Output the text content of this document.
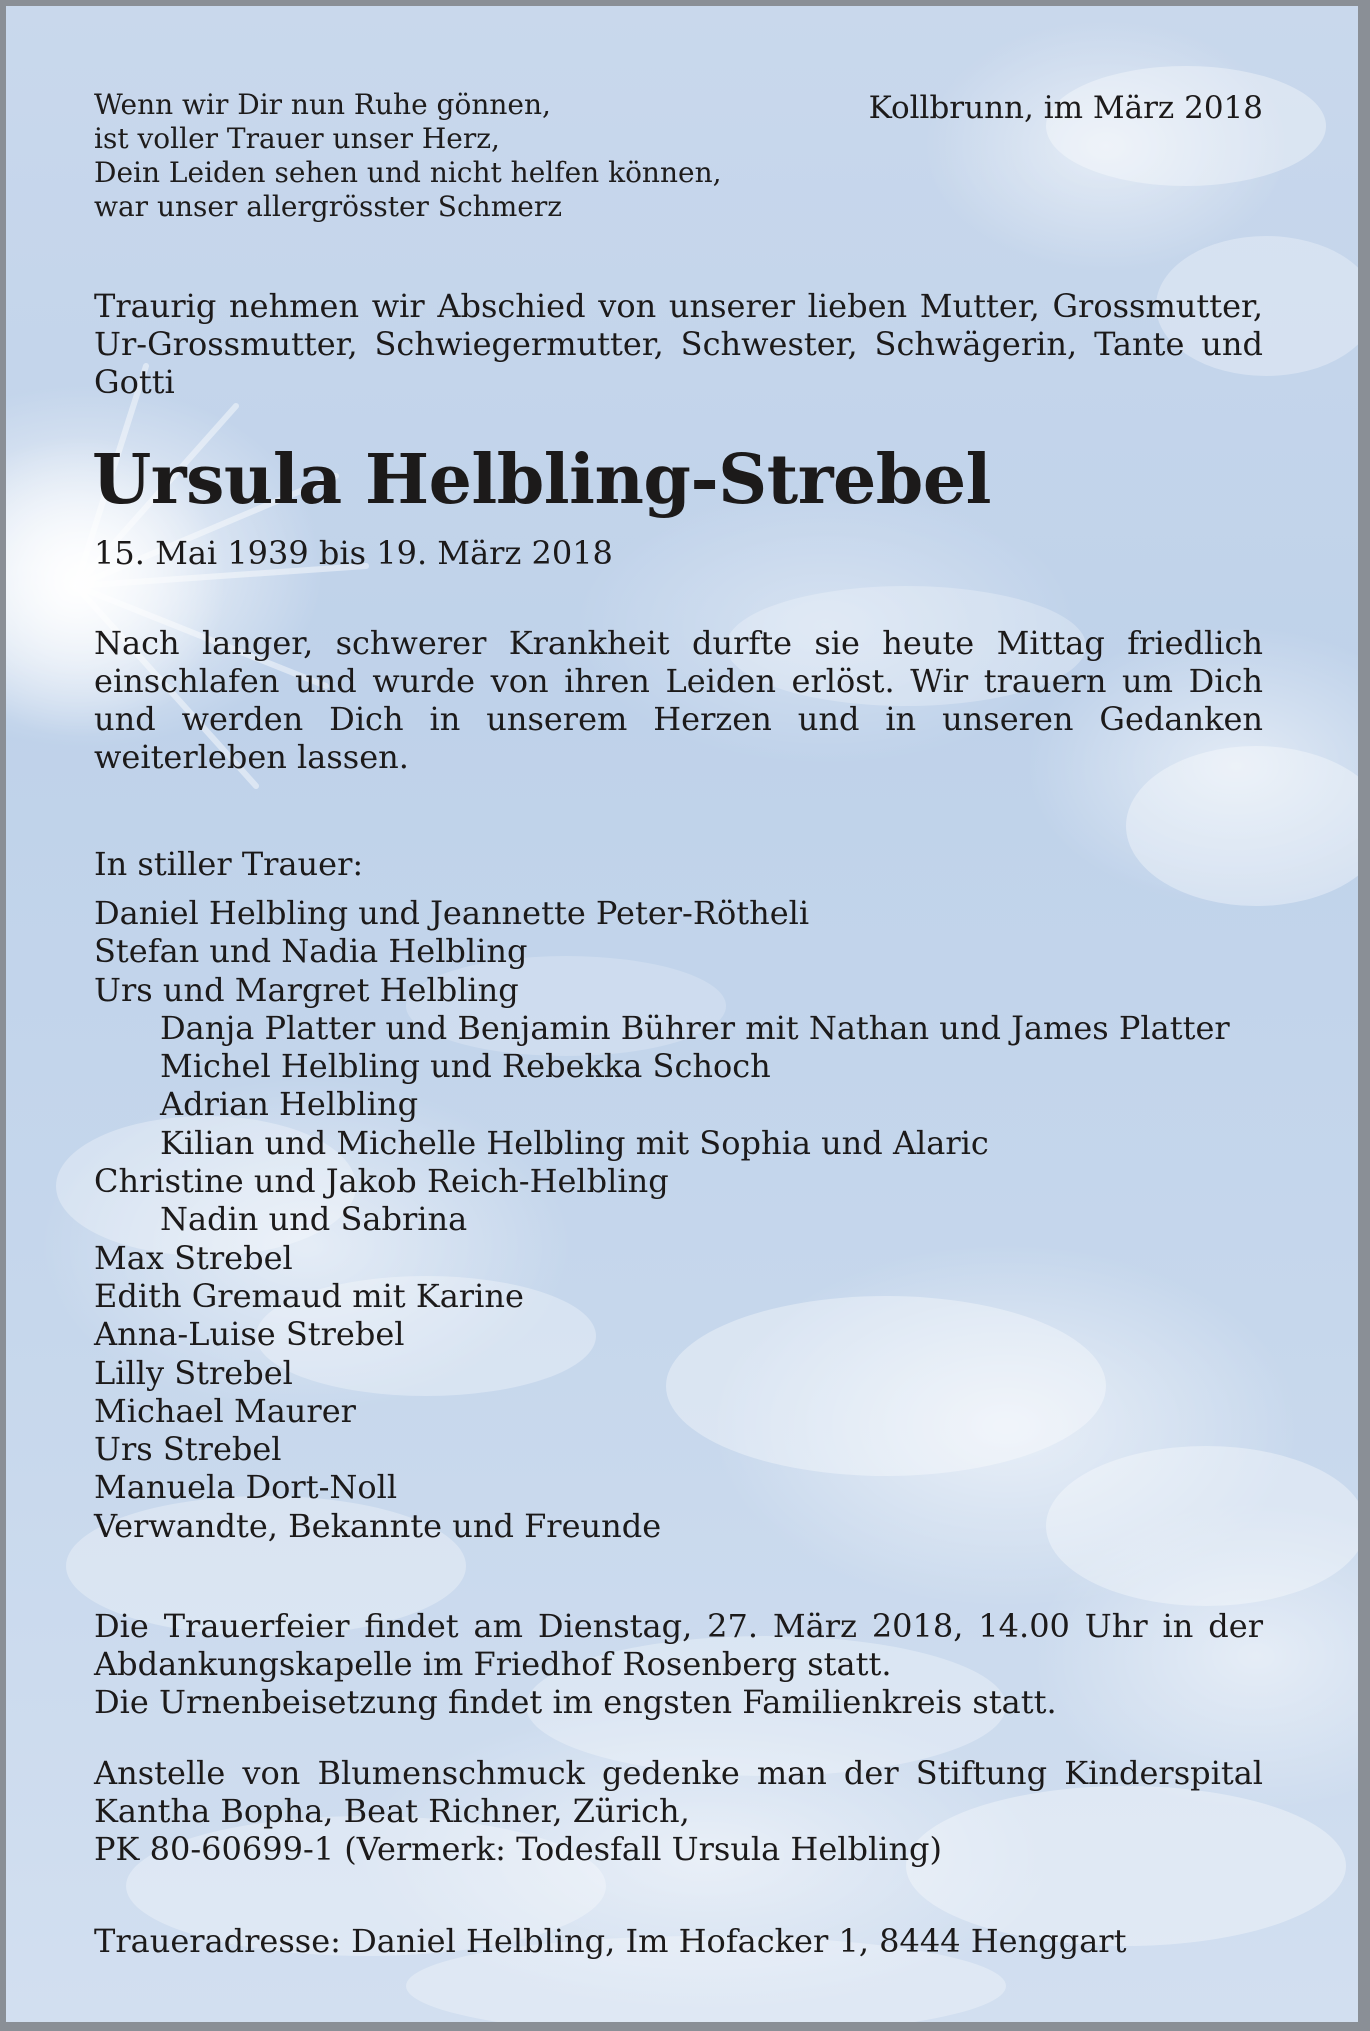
Wenn wir Dir nun Ruhe gönnen,
ist voller Trauer unser Herz,
Dein Leiden sehen und nicht helfen können,
war unser allergrösster Schmerz
Kollbrunn, im März 2018
Traurig nehmen wir Abschied von unserer lieben Mutter, Grossmutter, Ur-Grossmutter, Schwiegermutter, Schwester, Schwägerin, Tante und Gotti
Ursula Helbling-Strebel
15. Mai 1939 bis 19. März 2018
Nach langer, schwerer Krankheit durfte sie heute Mittag friedlich einschlafen und wurde von ihren Leiden erlöst. Wir trauern um Dich und werden Dich in unserem Herzen und in unseren Gedanken weiterleben lassen.
In stiller Trauer:
Daniel Helbling und Jeannette Peter-Rötheli
Stefan und Nadia Helbling
Urs und Margret Helbling
Danja Platter und Benjamin Bührer mit Nathan und James Platter
Michel Helbling und Rebekka Schoch
Adrian Helbling
Kilian und Michelle Helbling mit Sophia und Alaric
Christine und Jakob Reich-Helbling
Nadin und Sabrina
Max Strebel
Edith Gremaud mit Karine
Anna-Luise Strebel
Lilly Strebel
Michael Maurer
Urs Strebel
Manuela Dort-Noll
Verwandte, Bekannte und Freunde
Die Trauerfeier findet am Dienstag, 27. März 2018, 14.00 Uhr in der Abdankungskapelle im Friedhof Rosenberg statt.
Die Urnenbeisetzung findet im engsten Familienkreis statt.
Anstelle von Blumenschmuck gedenke man der Stiftung Kinderspital Kantha Bopha, Beat Richner, Zürich,
PK 80-60699-1 (Vermerk: Todesfall Ursula Helbling)
Traueradresse: Daniel Helbling, Im Hofacker 1, 8444 Henggart
